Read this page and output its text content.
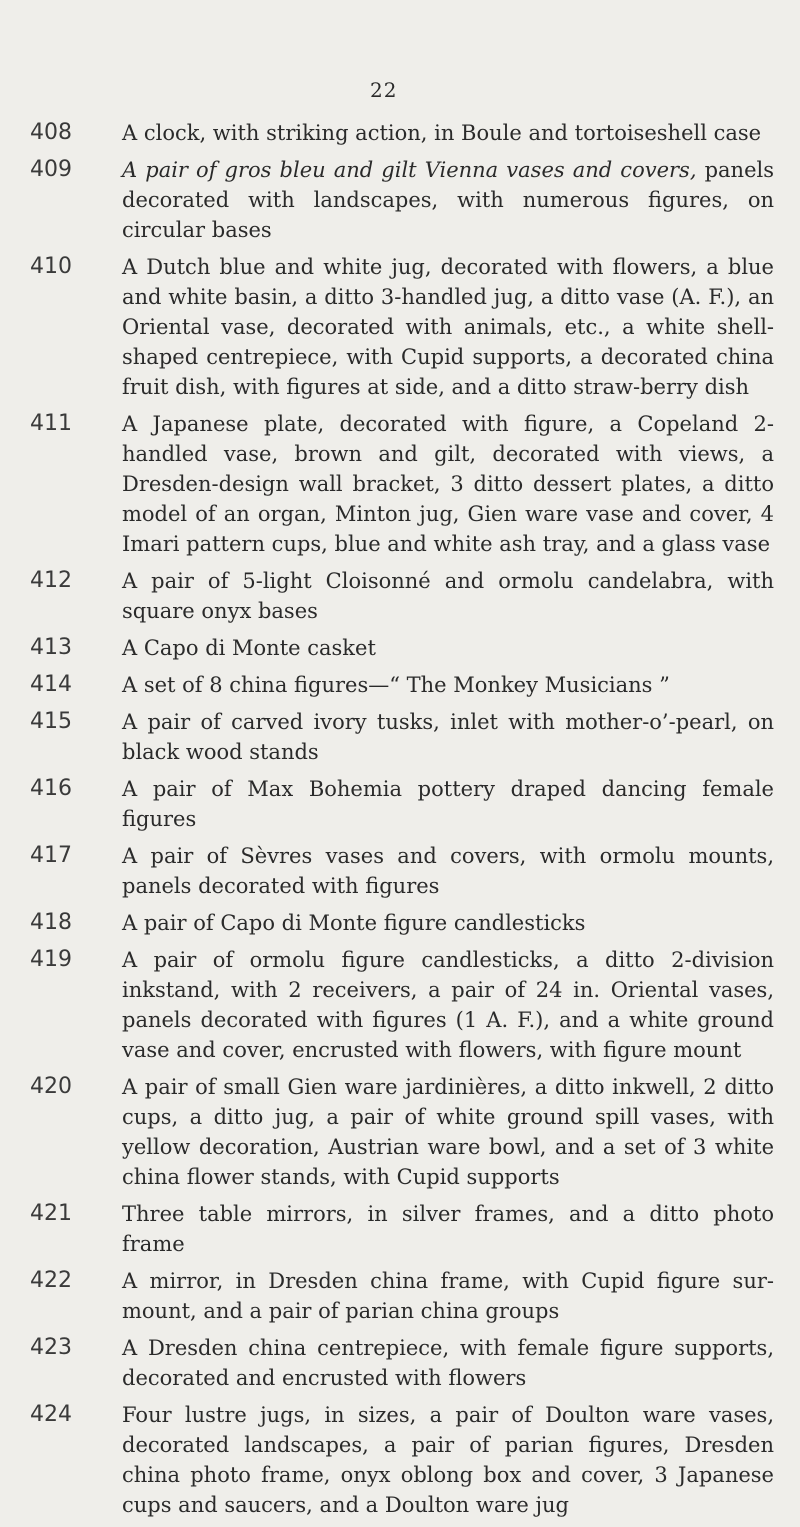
22
408 A clock, with striking action, in Boule and tortoiseshell case
409 A pair of gros bleu and gilt Vienna vases and covers, panels decorated with landscapes, with numerous figures, on circular bases
410 A Dutch blue and white jug, decorated with flowers, a blue and white basin, a ditto 3-handled jug, a ditto vase (A. F.), an Oriental vase, decorated with animals, etc., a white shell-shaped centrepiece, with Cupid supports, a decorated china fruit dish, with figures at side, and a ditto straw-berry dish
411 A Japanese plate, decorated with figure, a Copeland 2-handled vase, brown and gilt, decorated with views, a Dresden-design wall bracket, 3 ditto dessert plates, a ditto model of an organ, Minton jug, Gien ware vase and cover, 4 Imari pattern cups, blue and white ash tray, and a glass vase
412 A pair of 5-light Cloisonné and ormolu candelabra, with square onyx bases
413 A Capo di Monte casket
414 A set of 8 china figures—“ The Monkey Musicians ”
415 A pair of carved ivory tusks, inlet with mother-o’-pearl, on black wood stands
416 A pair of Max Bohemia pottery draped dancing female figures
417 A pair of Sèvres vases and covers, with ormolu mounts, panels decorated with figures
418 A pair of Capo di Monte figure candlesticks
419 A pair of ormolu figure candlesticks, a ditto 2-division inkstand, with 2 receivers, a pair of 24 in. Oriental vases, panels decorated with figures (1 A. F.), and a white ground vase and cover, encrusted with flowers, with figure mount
420 A pair of small Gien ware jardinières, a ditto inkwell, 2 ditto cups, a ditto jug, a pair of white ground spill vases, with yellow decoration, Austrian ware bowl, and a set of 3 white china flower stands, with Cupid supports
421 Three table mirrors, in silver frames, and a ditto photo frame
422 A mirror, in Dresden china frame, with Cupid figure sur-mount, and a pair of parian china groups
423 A Dresden china centrepiece, with female figure supports, decorated and encrusted with flowers
424 Four lustre jugs, in sizes, a pair of Doulton ware vases, decorated landscapes, a pair of parian figures, Dresden china photo frame, onyx oblong box and cover, 3 Japanese cups and saucers, and a Doulton ware jug
